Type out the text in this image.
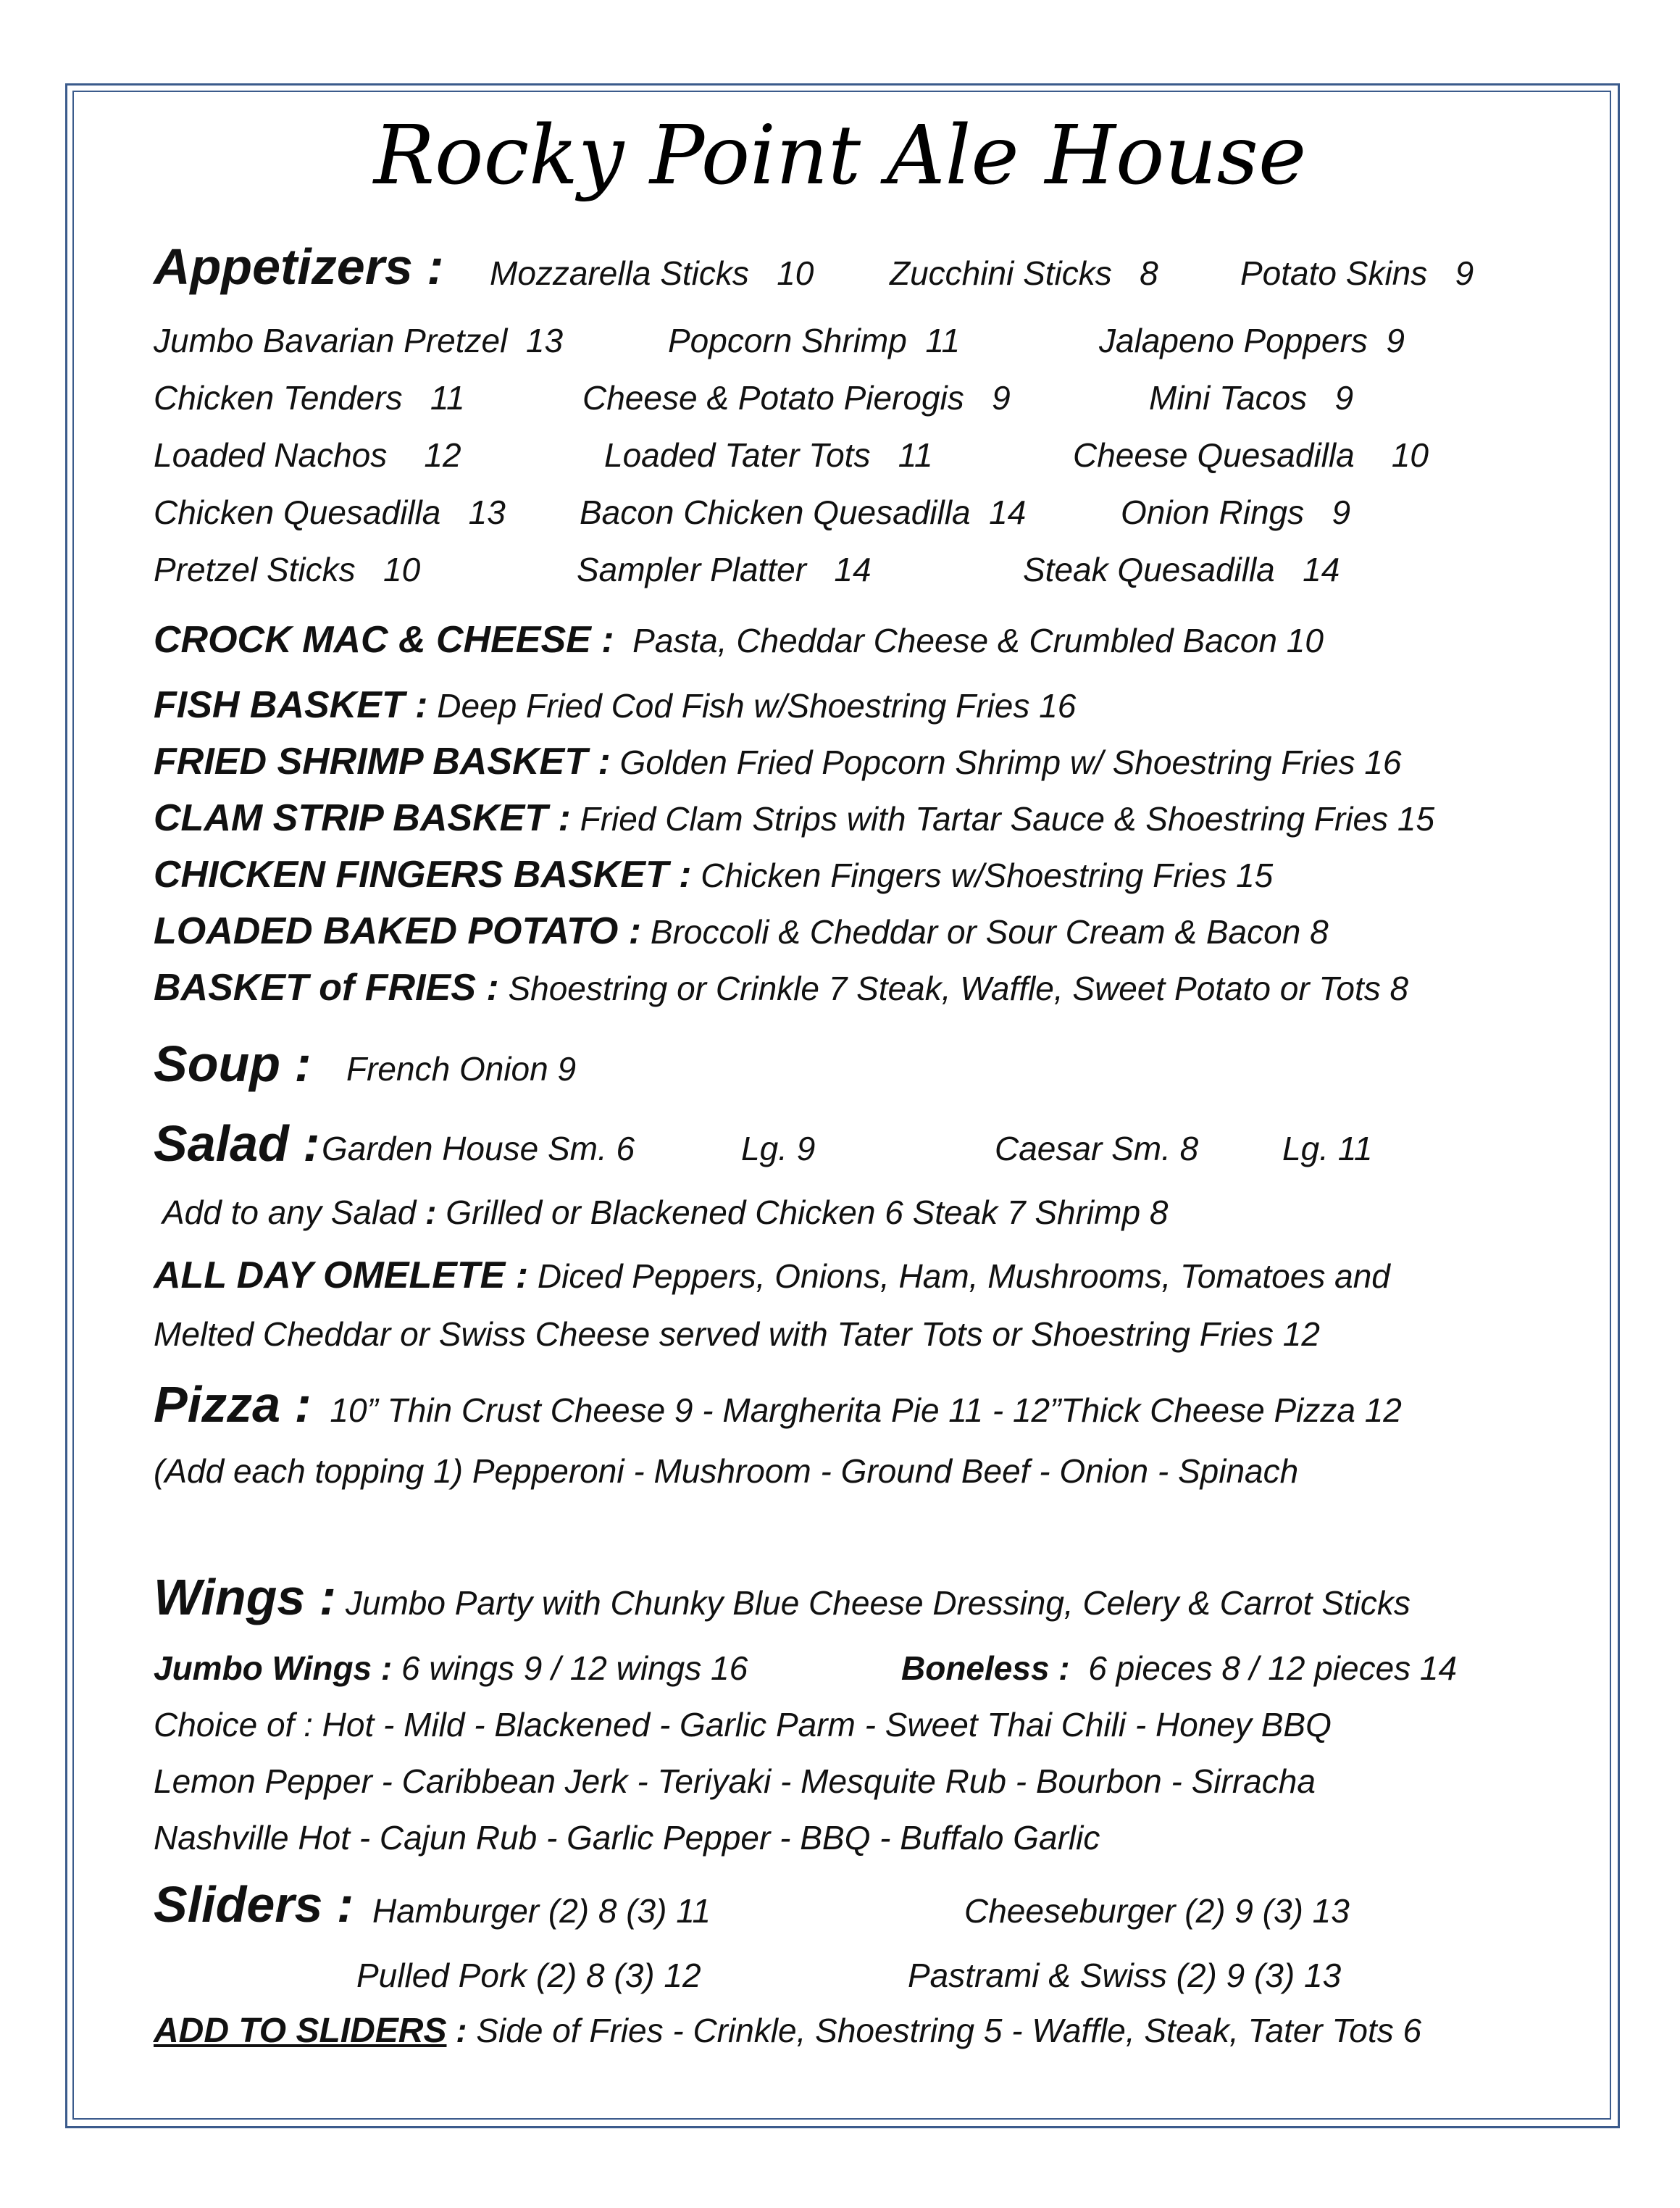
Rocky Point Ale House
Appetizers : Mozzarella Sticks 10 Zucchini Sticks 8 Potato Skins 9
Jumbo Bavarian Pretzel 13	Popcorn Shrimp 11	Jalapeno Poppers 9
Chicken Tenders 11	Cheese & Potato Pierogis 9	Mini Tacos 9
Loaded Nachos 12	Loaded Tater Tots 11	Cheese Quesadilla 10
Chicken Quesadilla 13 Bacon Chicken Quesadilla 14	Onion Rings 9
Pretzel Sticks 10	Sampler Platter 14	Steak Quesadilla 14
CROCK MAC & CHEESE : Pasta, Cheddar Cheese & Crumbled Bacon 10
FISH BASKET : Deep Fried Cod Fish w/Shoestring Fries 16
FRIED SHRIMP BASKET : Golden Fried Popcorn Shrimp w/ Shoestring Fries 16
CLAM STRIP BASKET : Fried Clam Strips with Tartar Sauce & Shoestring Fries 15
CHICKEN FINGERS BASKET : Chicken Fingers w/Shoestring Fries 15
LOADED BAKED POTATO : Broccoli & Cheddar or Sour Cream & Bacon 8
BASKET of FRIES : Shoestring or Crinkle 7 Steak, Waffle, Sweet Potato or Tots 8
Soup : French Onion 9
Salad : Garden House Sm. 6	Lg. 9	Caesar Sm. 8	Lg. 11
Add to any Salad : Grilled or Blackened Chicken 6 Steak 7 Shrimp 8
ALL DAY OMELETE : Diced Peppers, Onions, Ham, Mushrooms, Tomatoes and
Melted Cheddar or Swiss Cheese served with Tater Tots or Shoestring Fries 12
Pizza : 10” Thin Crust Cheese 9 - Margherita Pie 11 - 12”Thick Cheese Pizza 12
(Add each topping 1) Pepperoni - Mushroom - Ground Beef - Onion - Spinach
Wings : Jumbo Party with Chunky Blue Cheese Dressing, Celery & Carrot Sticks
Jumbo Wings : 6 wings 9 / 12 wings 16	Boneless : 6 pieces 8 / 12 pieces 14
Choice of : Hot - Mild - Blackened - Garlic Parm - Sweet Thai Chili - Honey BBQ
Lemon Pepper - Caribbean Jerk - Teriyaki - Mesquite Rub - Bourbon - Sirracha
Nashville Hot - Cajun Rub - Garlic Pepper - BBQ - Buffalo Garlic
Sliders : Hamburger (2) 8 (3) 11	Cheeseburger (2) 9 (3) 13
Pulled Pork (2) 8 (3) 12	Pastrami & Swiss (2) 9 (3) 13
ADD TO SLIDERS : Side of Fries - Crinkle, Shoestring 5 - Waffle, Steak, Tater Tots 6
